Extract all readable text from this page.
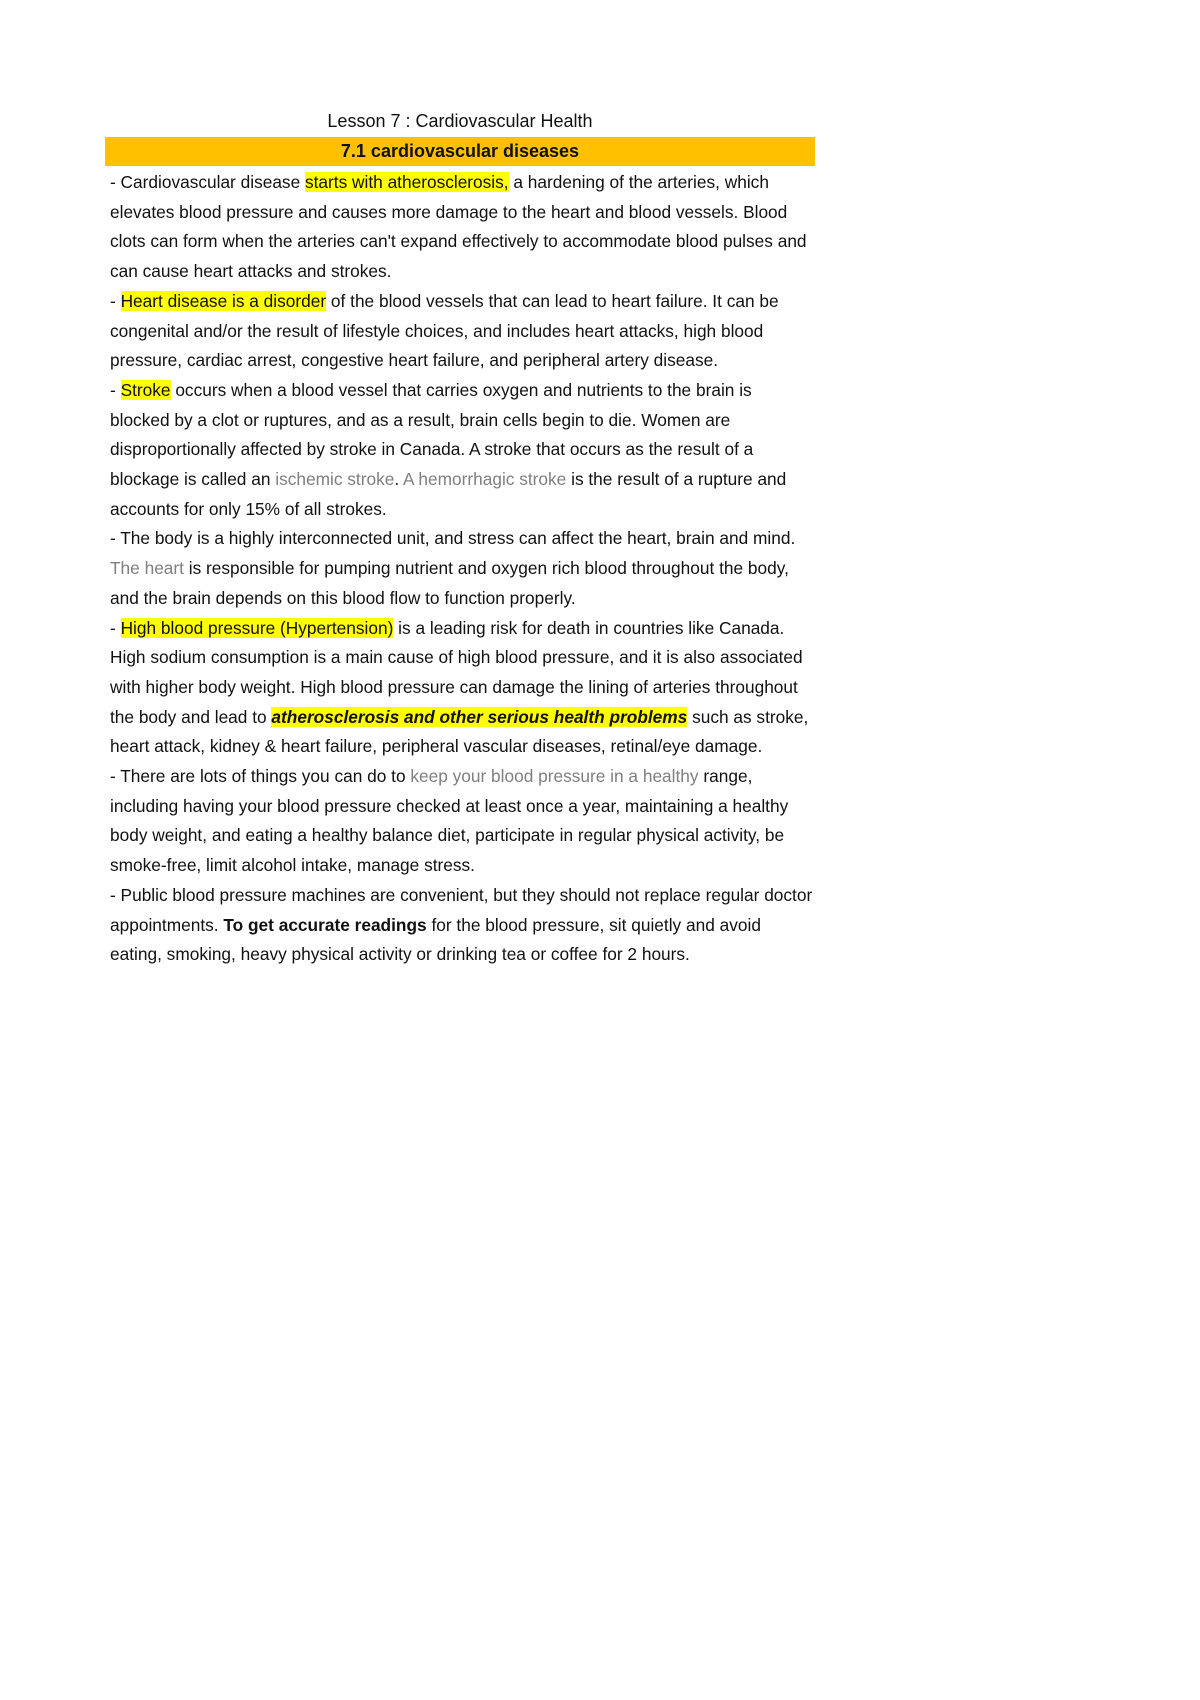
Lesson 7 : Cardiovascular Health
7.1 cardiovascular diseases

- Cardiovascular disease starts with atherosclerosis, a hardening of the arteries, which elevates blood pressure and causes more damage to the heart and blood vessels. Blood clots can form when the arteries can't expand effectively to accommodate blood pulses and can cause heart attacks and strokes.

- Heart disease is a disorder of the blood vessels that can lead to heart failure. It can be congenital and/or the result of lifestyle choices, and includes heart attacks, high blood pressure, cardiac arrest, congestive heart failure, and peripheral artery disease.

- Stroke occurs when a blood vessel that carries oxygen and nutrients to the brain is blocked by a clot or ruptures, and as a result, brain cells begin to die. Women are disproportionally affected by stroke in Canada. A stroke that occurs as the result of a blockage is called an ischemic stroke. A hemorrhagic stroke is the result of a rupture and accounts for only 15% of all strokes.

- The body is a highly interconnected unit, and stress can affect the heart, brain and mind. The heart is responsible for pumping nutrient and oxygen rich blood throughout the body, and the brain depends on this blood flow to function properly.

- High blood pressure (Hypertension) is a leading risk for death in countries like Canada. High sodium consumption is a main cause of high blood pressure, and it is also associated with higher body weight. High blood pressure can damage the lining of arteries throughout the body and lead to atherosclerosis and other serious health problems such as stroke, heart attack, kidney & heart failure, peripheral vascular diseases, retinal/eye damage.

- There are lots of things you can do to keep your blood pressure in a healthy range, including having your blood pressure checked at least once a year, maintaining a healthy body weight, and eating a healthy balance diet, participate in regular physical activity, be smoke-free, limit alcohol intake, manage stress.

- Public blood pressure machines are convenient, but they should not replace regular doctor appointments. To get accurate readings for the blood pressure, sit quietly and avoid eating, smoking, heavy physical activity or drinking tea or coffee for 2 hours.
